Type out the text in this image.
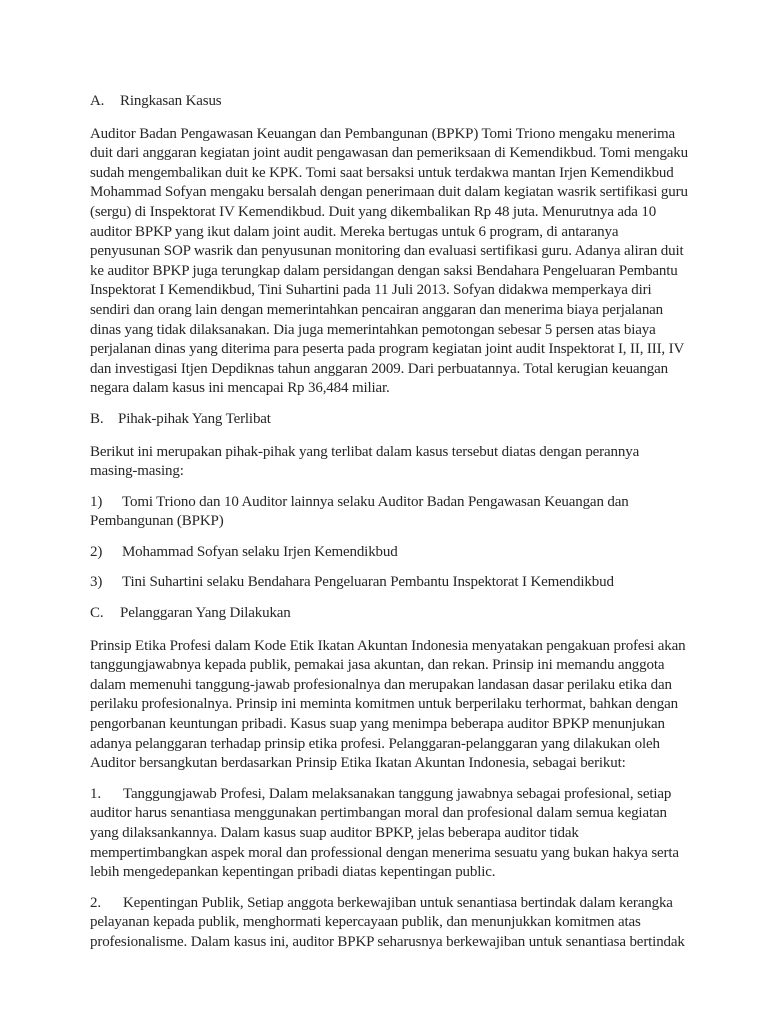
A. Ringkasan Kasus

Auditor Badan Pengawasan Keuangan dan Pembangunan (BPKP) Tomi Triono mengaku menerima duit dari anggaran kegiatan joint audit pengawasan dan pemeriksaan di Kemendikbud. Tomi mengaku sudah mengembalikan duit ke KPK. Tomi saat bersaksi untuk terdakwa mantan Irjen Kemendikbud Mohammad Sofyan mengaku bersalah dengan penerimaan duit dalam kegiatan wasrik sertifikasi guru (sergu) di Inspektorat IV Kemendikbud. Duit yang dikembalikan Rp 48 juta. Menurutnya ada 10 auditor BPKP yang ikut dalam joint audit. Mereka bertugas untuk 6 program, di antaranya penyusunan SOP wasrik dan penyusunan monitoring dan evaluasi sertifikasi guru. Adanya aliran duit ke auditor BPKP juga terungkap dalam persidangan dengan saksi Bendahara Pengeluaran Pembantu Inspektorat I Kemendikbud, Tini Suhartini pada 11 Juli 2013. Sofyan didakwa memperkaya diri sendiri dan orang lain dengan memerintahkan pencairan anggaran dan menerima biaya perjalanan dinas yang tidak dilaksanakan. Dia juga memerintahkan pemotongan sebesar 5 persen atas biaya perjalanan dinas yang diterima para peserta pada program kegiatan joint audit Inspektorat I, II, III, IV dan investigasi Itjen Depdiknas tahun anggaran 2009. Dari perbuatannya. Total kerugian keuangan negara dalam kasus ini mencapai Rp 36,484 miliar.

B. Pihak-pihak Yang Terlibat

Berikut ini merupakan pihak-pihak yang terlibat dalam kasus tersebut diatas dengan perannya masing-masing:

1) Tomi Triono dan 10 Auditor lainnya selaku Auditor Badan Pengawasan Keuangan dan Pembangunan (BPKP)

2) Mohammad Sofyan selaku Irjen Kemendikbud

3) Tini Suhartini selaku Bendahara Pengeluaran Pembantu Inspektorat I Kemendikbud

C. Pelanggaran Yang Dilakukan

Prinsip Etika Profesi dalam Kode Etik Ikatan Akuntan Indonesia menyatakan pengakuan profesi akan tanggungjawabnya kepada publik, pemakai jasa akuntan, dan rekan. Prinsip ini memandu anggota dalam memenuhi tanggung-jawab profesionalnya dan merupakan landasan dasar perilaku etika dan perilaku profesionalnya. Prinsip ini meminta komitmen untuk berperilaku terhormat, bahkan dengan pengorbanan keuntungan pribadi. Kasus suap yang menimpa beberapa auditor BPKP menunjukan adanya pelanggaran terhadap prinsip etika profesi. Pelanggaran-pelanggaran yang dilakukan oleh Auditor bersangkutan berdasarkan Prinsip Etika Ikatan Akuntan Indonesia, sebagai berikut:

1. Tanggungjawab Profesi, Dalam melaksanakan tanggung jawabnya sebagai profesional, setiap auditor harus senantiasa menggunakan pertimbangan moral dan profesional dalam semua kegiatan yang dilaksankannya. Dalam kasus suap auditor BPKP, jelas beberapa auditor tidak mempertimbangkan aspek moral dan professional dengan menerima sesuatu yang bukan hakya serta lebih mengedepankan kepentingan pribadi diatas kepentingan public.

2. Kepentingan Publik, Setiap anggota berkewajiban untuk senantiasa bertindak dalam kerangka pelayanan kepada publik, menghormati kepercayaan publik, dan menunjukkan komitmen atas profesionalisme. Dalam kasus ini, auditor BPKP seharusnya berkewajiban untuk senantiasa bertindak
